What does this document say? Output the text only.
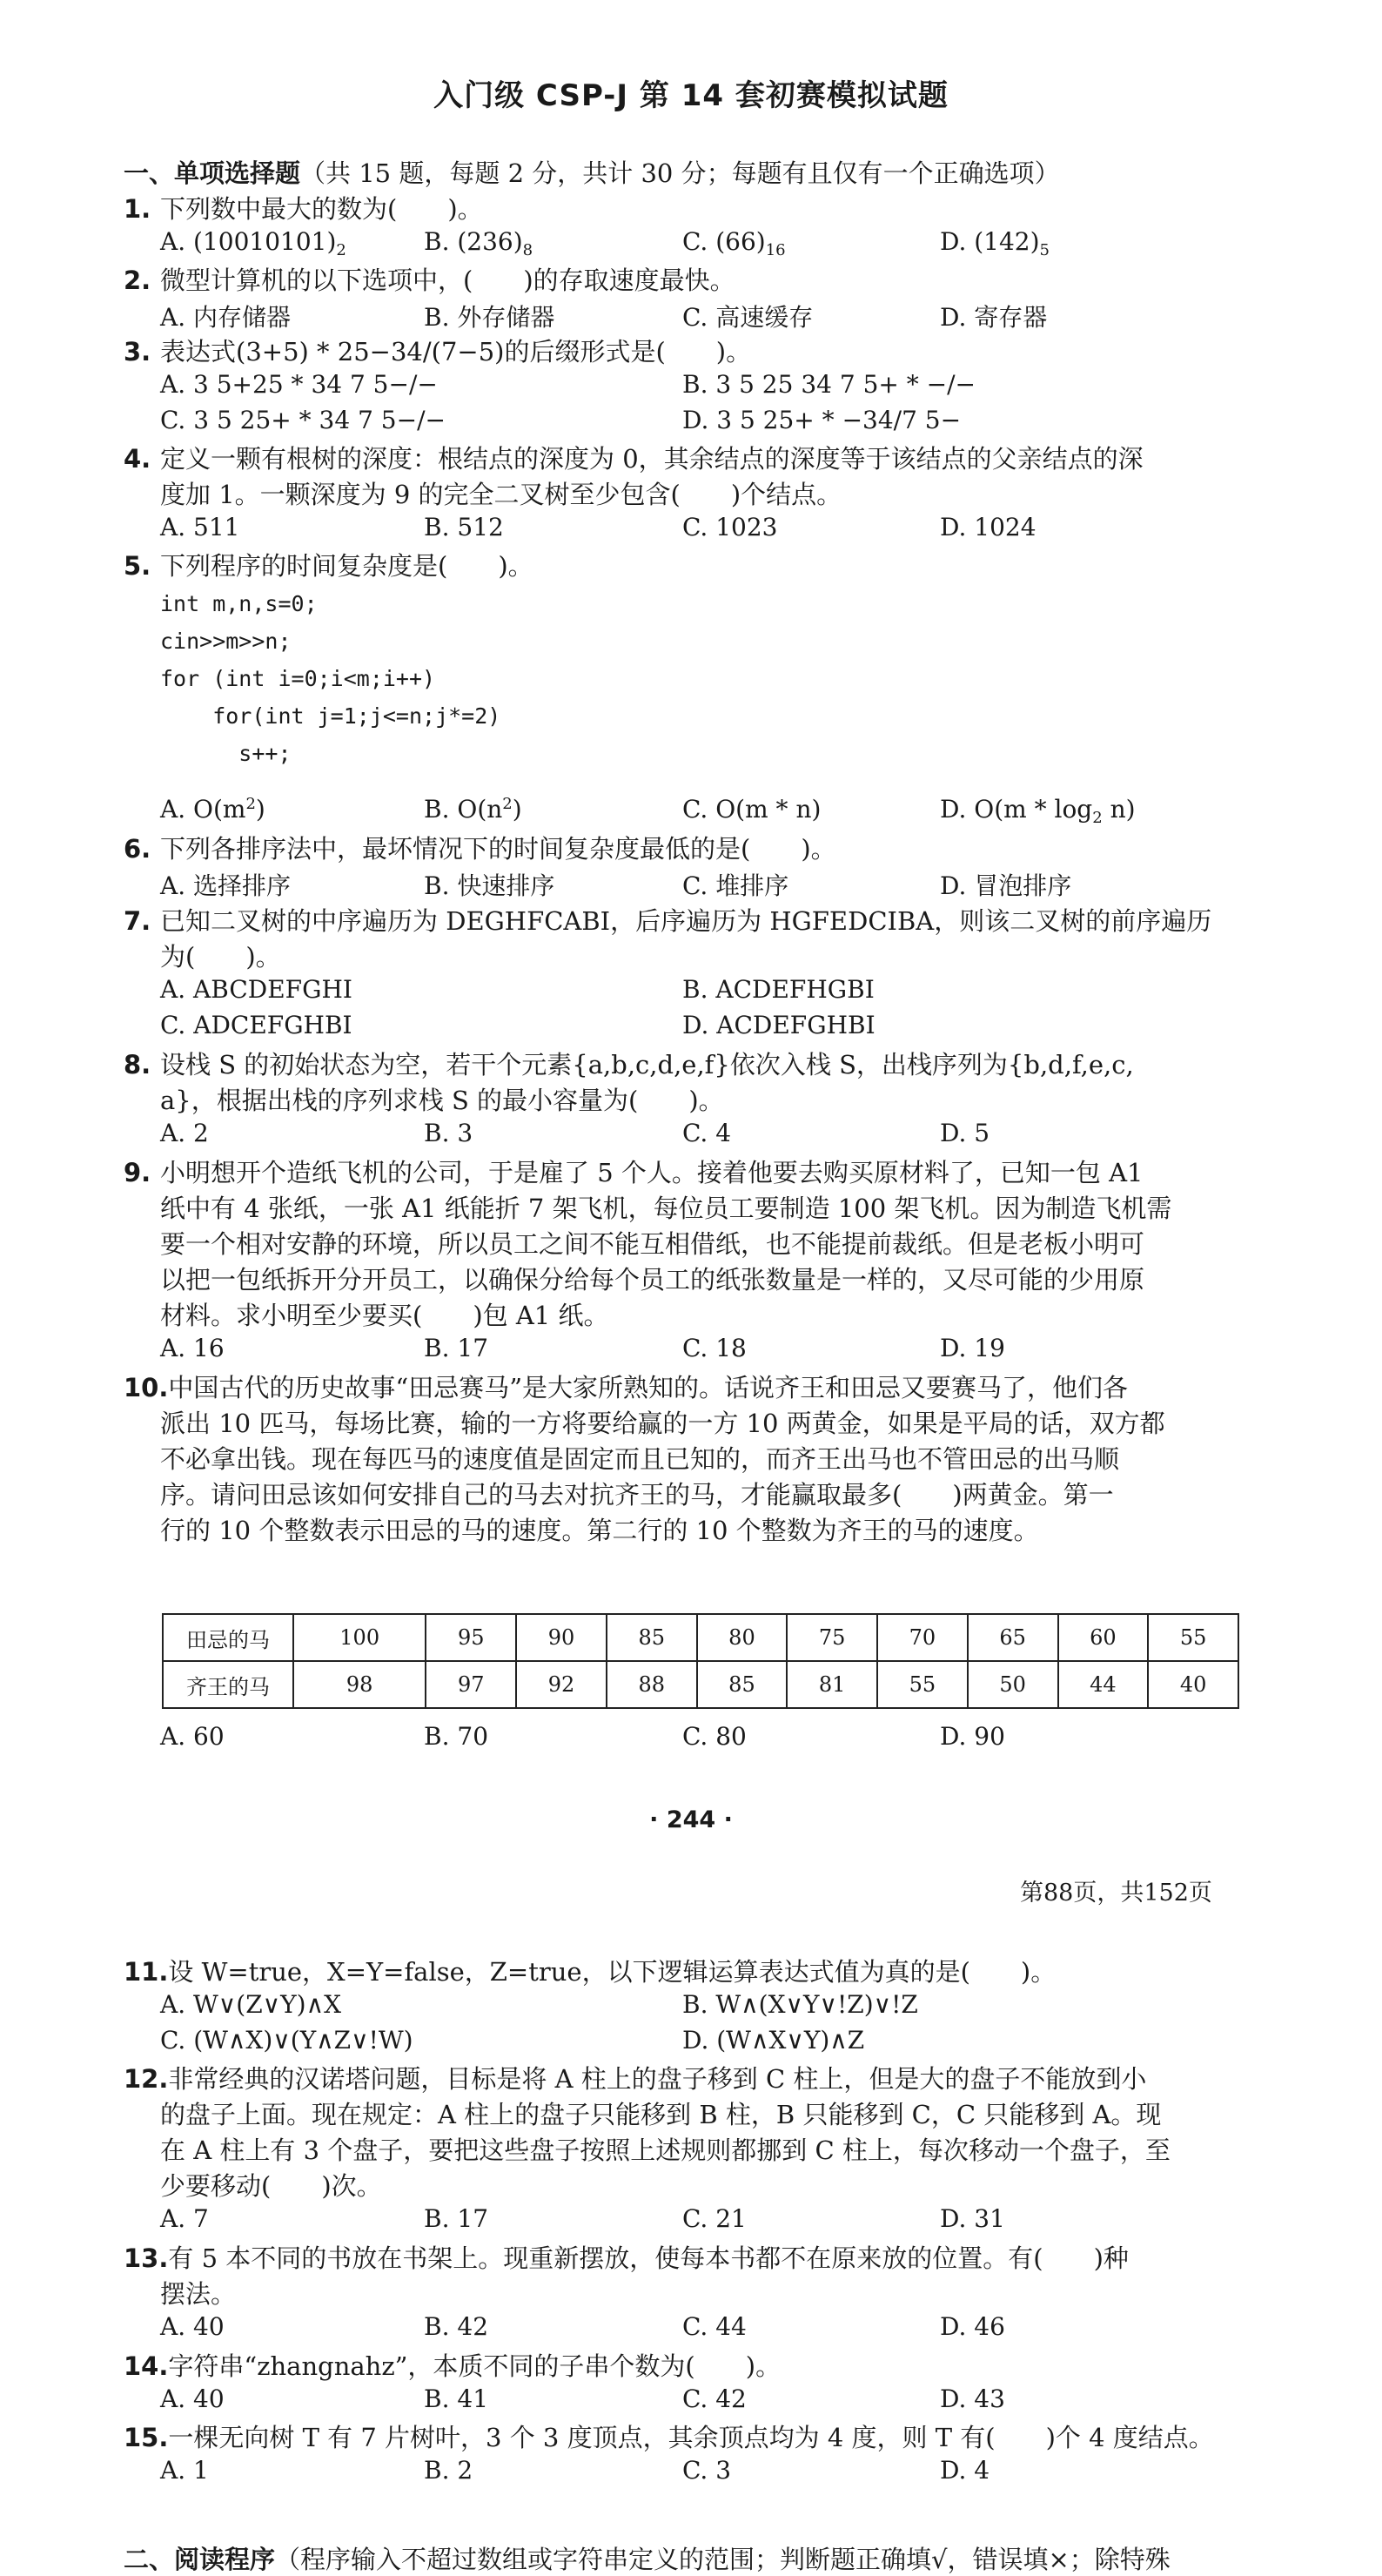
入门级 CSP-J 第 14 套初赛模拟试题
一、单项选择题（共 15 题，每题 2 分，共计 30 分；每题有且仅有一个正确选项）
1. 下列数中最大的数为(　　)。
A. $(10010101)_2$	B. $(236)_8$	C. $(66)_{16}$	D. $(142)_5$
2. 微型计算机的以下选项中，(　　)的存取速度最快。
A. 内存储器	B. 外存储器	C. 高速缓存	D. 寄存器
3. 表达式(3+5) * 25−34/(7−5)的后缀形式是(　　)。
A. 3 5+25 * 34 7 5−/−	B. 3 5 25 34 7 5+ * −/−
C. 3 5 25+ * 34 7 5−/−	D. 3 5 25+ * −34/7 5−
4. 定义一颗有根树的深度：根结点的深度为 0，其余结点的深度等于该结点的父亲结点的深
度加 1。一颗深度为 9 的完全二叉树至少包含(　　)个结点。
A. 511	B. 512	C. 1023	D. 1024
5. 下列程序的时间复杂度是(　　)。
int m,n,s=0;
cin>>m>>n;
for (int i=0;i<m;i++)
for(int j=1;j<=n;j*=2)
s++;
A. $O(m^2)$	B. $O(n^2)$	C. O(m * n)	D. $O(m * \log_2 n)$
6. 下列各排序法中，最坏情况下的时间复杂度最低的是(　　)。
A. 选择排序	B. 快速排序	C. 堆排序	D. 冒泡排序
7. 已知二叉树的中序遍历为 DEGHFCABI，后序遍历为 HGFEDCIBA，则该二叉树的前序遍历
为(　　)。
A. ABCDEFGHI	B. ACDEFHGBI
C. ADCEFGHBI	D. ACDEFGHBI
8. 设栈 S 的初始状态为空，若干个元素{a,b,c,d,e,f}依次入栈 S，出栈序列为{b,d,f,e,c,
a}，根据出栈的序列求栈 S 的最小容量为(　　)。
A. 2	B. 3	C. 4	D. 5
9. 小明想开个造纸飞机的公司，于是雇了 5 个人。接着他要去购买原材料了，已知一包 A1
纸中有 4 张纸，一张 A1 纸能折 7 架飞机，每位员工要制造 100 架飞机。因为制造飞机需
要一个相对安静的环境，所以员工之间不能互相借纸，也不能提前裁纸。但是老板小明可
以把一包纸拆开分开员工，以确保分给每个员工的纸张数量是一样的，又尽可能的少用原
材料。求小明至少要买(　　)包 A1 纸。
A. 16	B. 17	C. 18	D. 19
10.中国古代的历史故事“田忌赛马”是大家所熟知的。话说齐王和田忌又要赛马了，他们各
派出 10 匹马，每场比赛，输的一方将要给赢的一方 10 两黄金，如果是平局的话，双方都
不必拿出钱。现在每匹马的速度值是固定而且已知的，而齐王出马也不管田忌的出马顺
序。请问田忌该如何安排自己的马去对抗齐王的马，才能赢取最多(　　)两黄金。第一
行的 10 个整数表示田忌的马的速度。第二行的 10 个整数为齐王的马的速度。
A. 60	B. 70	C. 80	D. 90
11.设 W=true，X=Y=false，Z=true，以下逻辑运算表达式值为真的是(　　)。
A. W∨(Z∨Y)∧X	B. W∧(X∨Y∨!Z)∨!Z
C. (W∧X)∨(Y∧Z∨!W)	D. (W∧X∨Y)∧Z
12.非常经典的汉诺塔问题，目标是将 A 柱上的盘子移到 C 柱上，但是大的盘子不能放到小
的盘子上面。现在规定：A 柱上的盘子只能移到 B 柱，B 只能移到 C，C 只能移到 A。现
在 A 柱上有 3 个盘子，要把这些盘子按照上述规则都挪到 C 柱上，每次移动一个盘子，至
少要移动(　　)次。
A. 7	B. 17	C. 21	D. 31
13.有 5 本不同的书放在书架上。现重新摆放，使每本书都不在原来放的位置。有(　　)种
摆法。
A. 40	B. 42	C. 44	D. 46
14.字符串“zhangnahz”，本质不同的子串个数为(　　)。
A. 40	B. 41	C. 42	D. 43
15.一棵无向树 T 有 7 片树叶，3 个 3 度顶点，其余顶点均为 4 度，则 T 有(　　)个 4 度结点。
A. 1	B. 2	C. 3	D. 4
田忌的马	100	95	90	85	80	75	70	65	60	55
齐王的马	98	97	92	88	85	81	55	50	44	40
· 244 ·
第88页，共152页
二、阅读程序（程序输入不超过数组或字符串定义的范围；判断题正确填√，错误填×；除特殊
